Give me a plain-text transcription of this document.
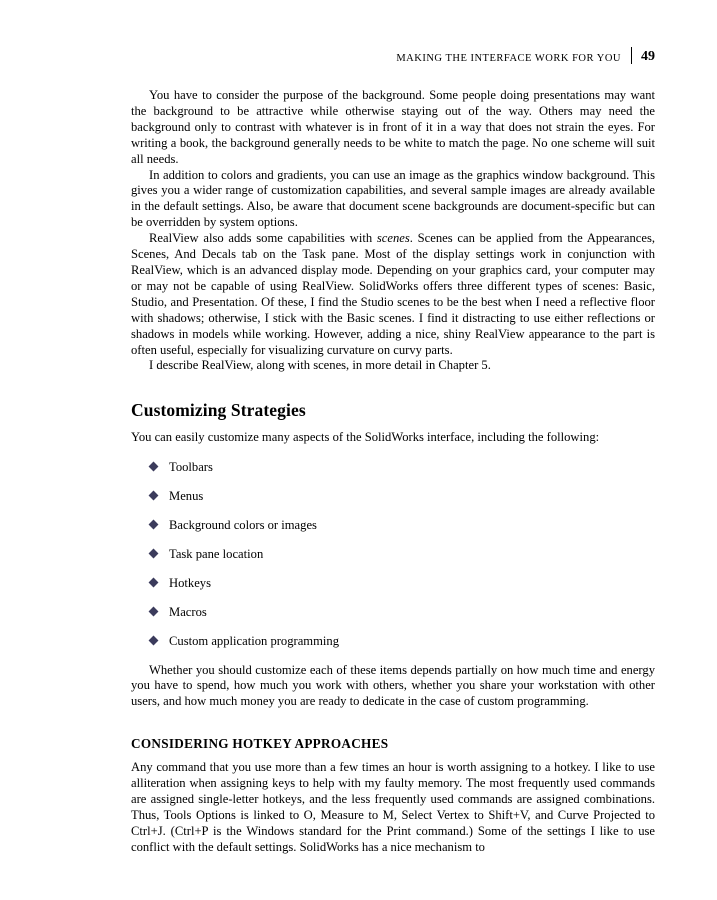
MAKING THE INTERFACE WORK FOR YOU	49

You have to consider the purpose of the background. Some people doing presentations may want the background to be attractive while otherwise staying out of the way. Others may need the background only to contrast with whatever is in front of it in a way that does not strain the eyes. For writing a book, the background generally needs to be white to match the page. No one scheme will suit all needs.

In addition to colors and gradients, you can use an image as the graphics window background. This gives you a wider range of customization capabilities, and several sample images are already available in the default settings. Also, be aware that document scene backgrounds are document-specific but can be overridden by system options.

RealView also adds some capabilities with scenes. Scenes can be applied from the Appearances, Scenes, And Decals tab on the Task pane. Most of the display settings work in conjunction with RealView, which is an advanced display mode. Depending on your graphics card, your computer may or may not be capable of using RealView. SolidWorks offers three different types of scenes: Basic, Studio, and Presentation. Of these, I find the Studio scenes to be the best when I need a reflective floor with shadows; otherwise, I stick with the Basic scenes. I find it distracting to use either reflections or shadows in models while working. However, adding a nice, shiny RealView appearance to the part is often useful, especially for visualizing curvature on curvy parts.

I describe RealView, along with scenes, in more detail in Chapter 5.

Customizing Strategies

You can easily customize many aspects of the SolidWorks interface, including the following:

Toolbars
Menus
Background colors or images
Task pane location
Hotkeys
Macros
Custom application programming

Whether you should customize each of these items depends partially on how much time and energy you have to spend, how much you work with others, whether you share your workstation with other users, and how much money you are ready to dedicate in the case of custom programming.

CONSIDERING HOTKEY APPROACHES

Any command that you use more than a few times an hour is worth assigning to a hotkey. I like to use alliteration when assigning keys to help with my faulty memory. The most frequently used commands are assigned single-letter hotkeys, and the less frequently used commands are assigned combinations. Thus, Tools Options is linked to O, Measure to M, Select Vertex to Shift+V, and Curve Projected to Ctrl+J. (Ctrl+P is the Windows standard for the Print command.) Some of the settings I like to use conflict with the default settings. SolidWorks has a nice mechanism to
